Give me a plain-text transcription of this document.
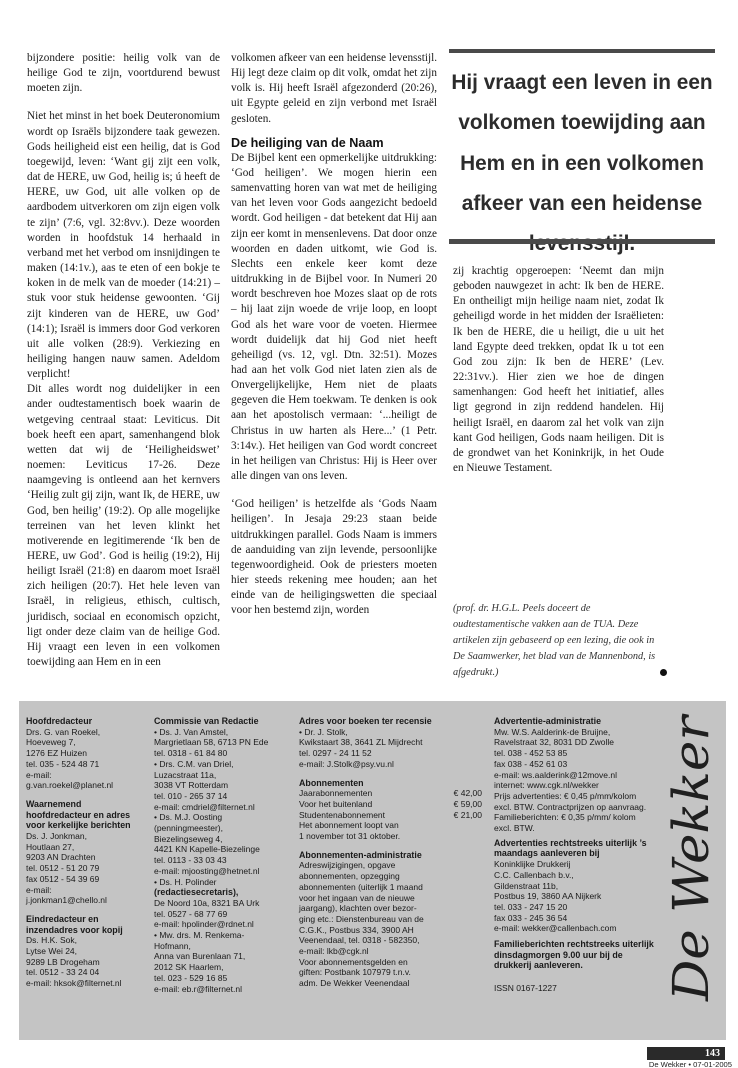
bijzondere positie: heilig volk van de heilige God te zijn, voortdurend bewust moeten zijn.

Niet het minst in het boek Deuteronomium wordt op Israëls bijzondere taak gewezen. Gods heiligheid eist een heilig, dat is God toegewijd, leven: ‘Want gij zijt een volk, dat de HERE, uw God, heilig is; ú heeft de HERE, uw God, uit alle volken op de aardbodem uitverkoren om zijn eigen volk te zijn’ (7:6, vgl. 32:8vv.). Deze woorden worden in hoofdstuk 14 herhaald in verband met het verbod om insnijdingen te maken (14:1v.), aas te eten of een bokje te koken in de melk van de moeder (14:21) – stuk voor stuk heidense gewoonten. ‘Gij zijt kinderen van de HERE, uw God’ (14:1); Israël is immers door God verkoren uit alle volken (28:9). Verkiezing en heiliging hangen nauw samen. Adeldom verplicht!

Dit alles wordt nog duidelijker in een ander oudtestamentisch boek waarin de wetgeving centraal staat: Leviticus. Dit boek heeft een apart, samenhangend blok wetten dat wij de ‘Heiligheidswet’ noemen: Leviticus 17-26. Deze naamgeving is ontleend aan het kernvers ‘Heilig zult gij zijn, want Ik, de HERE, uw God, ben heilig’ (19:2). Op alle mogelijke terreinen van het leven klinkt het motiverende en legitimerende ‘Ik ben de HERE, uw God’. God is heilig (19:2), Hij heiligt Israël (21:8) en daarom moet Israël zich heiligen (20:7). Het hele leven van Israël, in religieus, ethisch, cultisch, juridisch, sociaal en economisch opzicht, ligt onder deze claim van de heilige God. Hij vraagt een leven in een volkomen toewijding aan Hem en in een

volkomen afkeer van een heidense levensstijl. Hij legt deze claim op dit volk, omdat het zijn volk is. Hij heeft Israël afgezonderd (20:26), uit Egypte geleid en zijn verbond met Israël gesloten.

De heiliging van de Naam

De Bijbel kent een opmerkelijke uitdrukking: ‘God heiligen’. We mogen hierin een samenvatting horen van wat met de heiliging van het leven voor Gods aangezicht bedoeld wordt. God heiligen - dat betekent dat Hij aan zijn eer komt in mensenlevens. Dat door onze woorden en daden uitkomt, wie God is. Slechts een enkele keer komt deze uitdrukking in de Bijbel voor. In Numeri 20 wordt beschreven hoe Mozes slaat op de rots – hij laat zijn woede de vrije loop, en loopt God als het ware voor de voeten. Hiermee wordt duidelijk dat hij God niet heeft geheiligd (vs. 12, vgl. Dtn. 32:51). Mozes had aan het volk God niet laten zien als de Onvergelijkelijke, Hem niet de plaats gegeven die Hem toekwam. Te denken is ook aan het apostolisch vermaan: ‘...heiligt de Christus in uw harten als Here...’ (1 Petr. 3:14v.). Het heiligen van God wordt concreet in het heiligen van Christus: Hij is Heer over alle dingen van ons leven.

‘God heiligen’ is hetzelfde als ‘Gods Naam heiligen’. In Jesaja 29:23 staan beide uitdrukkingen parallel. Gods Naam is immers de aanduiding van zijn levende, persoonlijke tegenwoordigheid. Ook de priesters moeten hier steeds rekening mee houden; aan het einde van de heiligingswetten die speciaal voor hen bestemd zijn, worden

Hij vraagt een leven in een volkomen toewijding aan Hem en in een volkomen afkeer van een heidense

zij krachtig opgeroepen: ‘Neemt dan mijn geboden nauwgezet in acht: Ik ben de HERE. En ontheiligt mijn heilige naam niet, zodat Ik geheiligd worde in het midden der Israëlieten: Ik ben de HERE, die u heiligt, die u uit het land Egypte deed trekken, opdat Ik u tot een God zou zijn: Ik ben de HERE’ (Lev. 22:31vv.). Hier zien we hoe de dingen samenhangen: God heeft het initiatief, alles ligt gegrond in zijn reddend handelen. Hij heiligt Israël, en daarom zal het volk van zijn kant God heiligen, Gods naam heiligen. Dit is de grondwet van het Koninkrijk, in het Oude en Nieuwe Testament.

(prof. dr. H.G.L. Peels doceert de oudtestamentische vakken aan de TUA. Deze artikelen zijn gebaseerd op een lezing, die ook in De Saamwerker, het blad van de Mannenbond, is afgedrukt.)
Hoofdredacteur
Drs. G. van Roekel,
Hoeveweg 7,
1276 EZ Huizen
tel. 035 - 524 48 71
e-mail:
g.van.roekel@planet.nl
Waarnemend hoofdredacteur en adres voor kerkelijke berichten
Ds. J. Jonkman,
Houtlaan 27,
9203 AN Drachten
tel. 0512 - 51 20 79
fax 0512 - 54 39 69
e-mail:
j.jonkman1@chello.nl
Eindredacteur en inzendadres voor kopij
Ds. H.K. Sok,
Lytse Wei 24,
9289 LB Drogeham
tel. 0512 - 33 24 04
e-mail: hksok@filternet.nl
Commissie van Redactie
• Ds. J. Van Amstel,
Margrietlaan 58, 6713 PN Ede
tel. 0318 - 61 84 80
• Drs. C.M. van Driel,
Luzacstraat 11a,
3038 VT Rotterdam
tel. 010 - 265 37 14
e-mail: cmdriel@filternet.nl
• Ds. M.J. Oosting
(penningmeester),
Biezelingseweg 4,
4421 KN Kapelle-Biezelinge
tel. 0113 - 33 03 43
e-mail: mjoosting@hetnet.nl
• Ds. H. Polinder
(redactiesecretaris),
De Noord 10a, 8321 BA Urk
tel. 0527 - 68 77 69
e-mail: hpolinder@rdnet.nl
• Mw. drs. M. Renkema-
Hofmann,
Anna van Burenlaan 71,
2012 SK Haarlem,
tel. 023 - 529 16 85
e-mail: eb.r@filternet.nl
Adres voor boeken ter recensie
• Dr. J. Stolk,
Kwikstaart 38, 3641 ZL Mijdrecht
tel. 0297 - 24 11 52
e-mail: J.Stolk@psy.vu.nl
Abonnementen
Jaarabonnementen	€ 42,00
Voor het buitenland	€ 59,00
Studentenabonnement	€ 21,00
Het abonnement loopt van
1 november tot 31 oktober.
Abonnementen-administratie
Adreswijzigingen, opgave
abonnementen, opzegging
abonnementen (uiterlijk 1 maand
voor het ingaan van de nieuwe
jaargang), klachten over bezor-
ging etc.: Dienstenbureau van de
C.G.K., Postbus 334, 3900 AH
Veenendaal, tel. 0318 - 582350,
e-mail: lkb@cgk.nl
Voor abonnementsgelden en
giften: Postbank 107979 t.n.v.
adm. De Wekker Veenendaal
Advertentie-administratie
Mw. W.S. Aalderink-de Bruijne,
Ravelstraat 32, 8031 DD Zwolle
tel. 038 - 452 53 85
fax 038 - 452 61 03
e-mail: ws.aalderink@12move.nl
internet: www.cgk.nl/wekker
Prijs advertenties: € 0,45 p/mm/kolom
excl. BTW. Contractprijzen op aanvraag.
Familieberichten: € 0,35 p/mm/ kolom
excl. BTW.
Advertenties rechtstreeks uiterlijk ’s maandags aanleveren bij
Koninklijke Drukkerij
C.C. Callenbach b.v.,
Gildenstraat 11b,
Postbus 19, 3860 AA Nijkerk
tel. 033 - 247 15 20
fax 033 - 245 36 54
e-mail: wekker@callenbach.com
Familieberichten rechtstreeks uiterlijk dinsdagmorgen 9.00 uur bij de drukkerij aanleveren.
ISSN 0167-1227	De Wekker
143
De Wekker • 07-01-2005
